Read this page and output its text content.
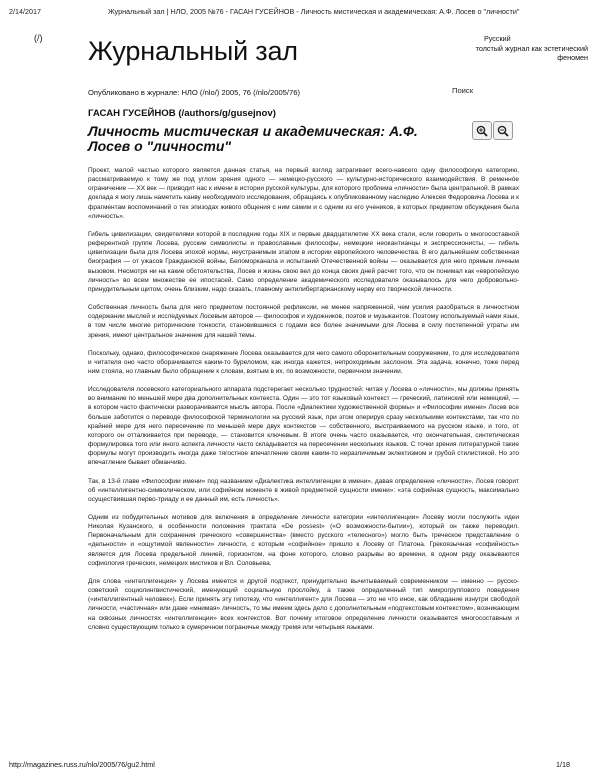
2/14/2017	Журнальный зал | НЛО, 2005 №76 - ГАСАН ГУСЕЙНОВ - Личность мистическая и академическая: А.Ф. Лосев о "личности"
(/) Журнальный зал	Русский
толстый журнал как эстетический феномен
Опубликовано в журнале: НЛО (/nlo/) 2005, 76 (/nlo/2005/76)	Поиск
ГАСАН ГУСЕЙНОВ (/authors/g/gusejnov)
Личность мистическая и академическая: А.Ф. Лосев о "личности"

Проект, малой частью которого является данная статья, на первый взгляд затрагивает всего-навсего одну философскую категорию, рассматриваемую к тому же под углом зрения одного — немецко-русского — культурно-исторического взаимодействия. В ременнóе ограничение — XX век — приводит нас к имени в истории русской культуры, для которого проблема «личности» была центральной. В рамках доклада я могу лишь наметить канву необходимого исследования, обращаясь к опубликованному наследию Алексея Федоровича Лосева и к фрагментам воспоминаний о тех эпизодах живого общения с ним самим и с одним из его учеников, в которых предметом обсуждения была «личность».

Гибель цивилизации, свидетелями которой в последние годы XIX и первые двадцатилетие XX века стали, если говорить о многосоставной референтной группе Лосева, русские символисты и православные философы, немецкие неокантианцы и экспрессионисты, — гибель цивилизации была для Лосева эпохой нормы, неустранимым этапом в истории европейского человечества. В его дальнейшем собственная биография — от ужасов Гражданской войны, Беломорканала и испытаний Отечественной войны — оказывается для него прямым личным вызовом. Несмотря ни на какие обстоятельства, Лосев и жизнь свою вел до конца своих дней расчет того, что он понимал как «европейскую личность» во всем множестве ее ипостасей. Само определение академического исследователя оказывалось для него добровольно-принудительным щитом, очень близким, надо сказать, главному антилибертарианскому нерву его творческой личности.

Собственная личность была для него предметом постоянной рефлексии, не менее напряженной, чем усилия разобраться в личностном содержании мыслей и исследуемых Лосевым авторов — философов и художников, поэтов и музыкантов. Поэтому используемый нами язык, в том числе многие риторические тонкости, становившиеся с годами все более значимыми для Лосева в силу постепенной утраты им зрения, имеют центральное значение для нашей темы.

Поскольку, однако, философическое снаряжение Лосева оказывается для него самого оборонительным сооружением, то для исследователя и читателя оно часто оборачивается каким-то буреломом, как иногда кажется, непроходимым заслоном. Эта задача, конечно, тоже перед ним стояла, но главным было обращение к словам, взятым в их, по возможности, первичном значении.

Исследователя лосевского категориального аппарата подстерегает несколько трудностей: читая у Лосева о «личности», мы должны принять во внимание по меньшей мере два дополнительных контекста. Один — это тот языковый контекст — греческий, латинский или немецкий, — в котором часто фактически разворачивается мысль автора. После «Диалектики художественной формы» и «Философии имени» Лосев все больше заботится о переводе философской терминологии на русский язык, при этом оперируя сразу несколькими контекстами, так что по крайней мере для него пересечение по меньшей мере двух контекстов — собственного, выстраиваемого на русском языке, и того, от которого он отталкивается при переводе, — становится ключевым. В итоге очень часто оказывается, что окончательная, синтетическая формулировка того или иного аспекта личности часто складывается на пересечении нескольких языков. С точки зрения литературной такие формулы могут производить иногда даже тягостное впечатление своим каким-то неразличимым эклектизмом и грубой стилистикой. Но это впечатление бывает обманчиво.

Так, в 13-й главе «Философии имени» под названием «Диалектика интеллигенции в имени», давая определение «личности», Лосев говорит об «интеллигентно-символическом, или софийном моменте в живой предметной сущности имени»: «эта софийная сущность, максимально осуществившая перво-триаду и ее данный им, есть личность».

Одним из побудительных мотивов для включения в определение личности категории «интеллигенции» Лосеву могли послужить идеи Николая Кузанского, в особенности положения трактата «De possest» («О возможности-бытии»), который он также переводил. Первоначальным для сохранения греческого «совершенства» (вместо русского «телесного») могло быть греческое представление о «дельности» и «ощутимой явленности» личности, с которым «софийное» пришло к Лосеву от Платона. Грекоязычная «софийность» является для Лосева предельной линией, горизонтом, на фоне которого, словно разрывы во времени, в одном ряду оказываются софиология греческих, немецких мистиков и Вл. Соловьева.

Для слова «интеллигенция» у Лосева имеется и другой подтекст, принудительно вычитываемый современником — именно — русско-советский социолингвистический, именующий социальную прослойку, а также определенный тип микрогруппового поведения («интеллигентный человек»). Если принять эту гипотезу, что «интеллигент» для Лосева — это не что иное, как обладание изнутри свободой личности, «частичная» или даже «мнимая» личность, то мы имеем здесь дело с дополнительным «подтекстовым контекстом», возникающим на сквозных личностях «интеллигенции» всех контекстов. Вот почему итоговое определение личности оказывается многосоставным и словно существующим только в сумеречном пограничье между тремя или четырьмя языками.

http://magazines.russ.ru/nlo/2005/76/gu2.html	1/18
